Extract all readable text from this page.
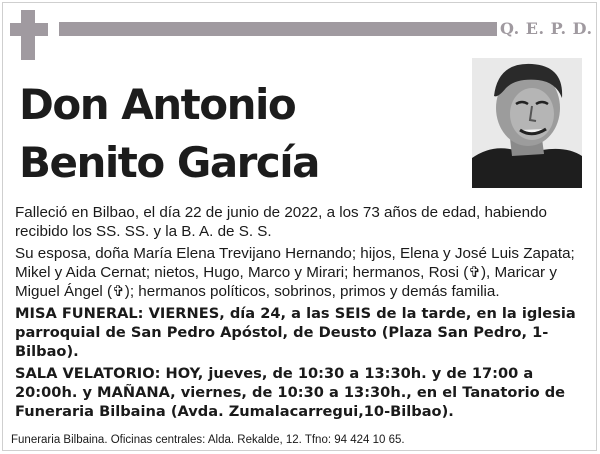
Q. E. P. D.
Don Antonio
Benito García

Falleció en Bilbao, el día 22 de junio de 2022, a los 73 años de edad, habiendo recibido los SS. SS. y la B. A. de S. S.

Su esposa, doña María Elena Trevijano Hernando; hijos, Elena y José Luis Zapata; Mikel y Aida Cernat; nietos, Hugo, Marco y Mirari; hermanos, Rosi (✞), Maricar y Miguel Ángel (✞); hermanos políticos, sobrinos, primos y demás familia.

MISA FUNERAL: VIERNES, día 24, a las SEIS de la tarde, en la iglesia parroquial de San Pedro Apóstol, de Deusto (Plaza San Pedro, 1-Bilbao).

SALA VELATORIO: HOY, jueves, de 10:30 a 13:30h. y de 17:00 a 20:00h. y MAÑANA, viernes, de 10:30 a 13:30h., en el Tanatorio de Funeraria Bilbaina (Avda. Zumalacarregui,10-Bilbao).

Funeraria Bilbaina. Oficinas centrales: Alda. Rekalde, 12. Tfno: 94 424 10 65.
